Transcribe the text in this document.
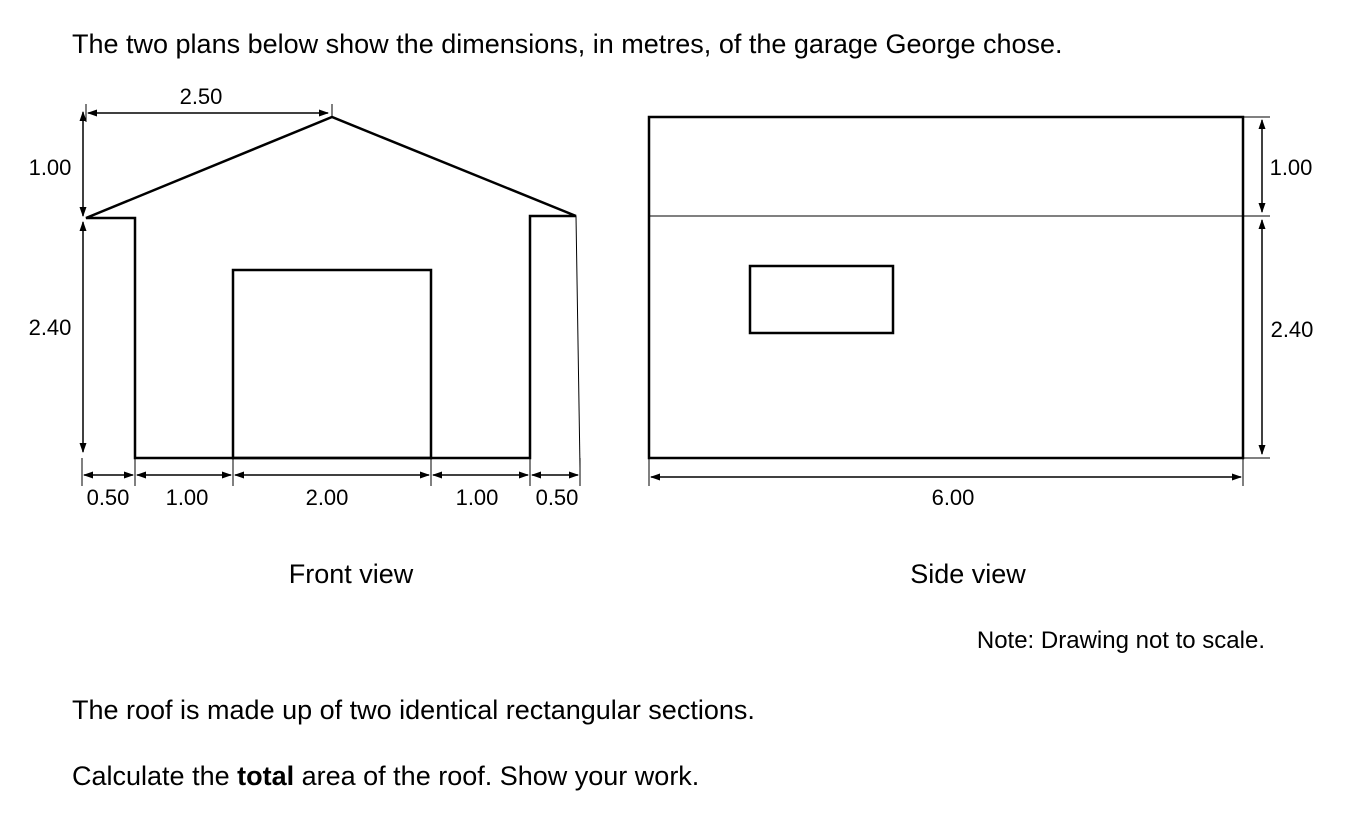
The two plans below show the dimensions, in metres, of the garage George chose.

2.50
1.00
2.40
0.50 1.00	2.00	1.00 0.50
Front view
1.00
2.40
6.00
Side view
Note: Drawing not to scale.

The roof is made up of two identical rectangular sections.

Calculate the total area of the roof. Show your work.
